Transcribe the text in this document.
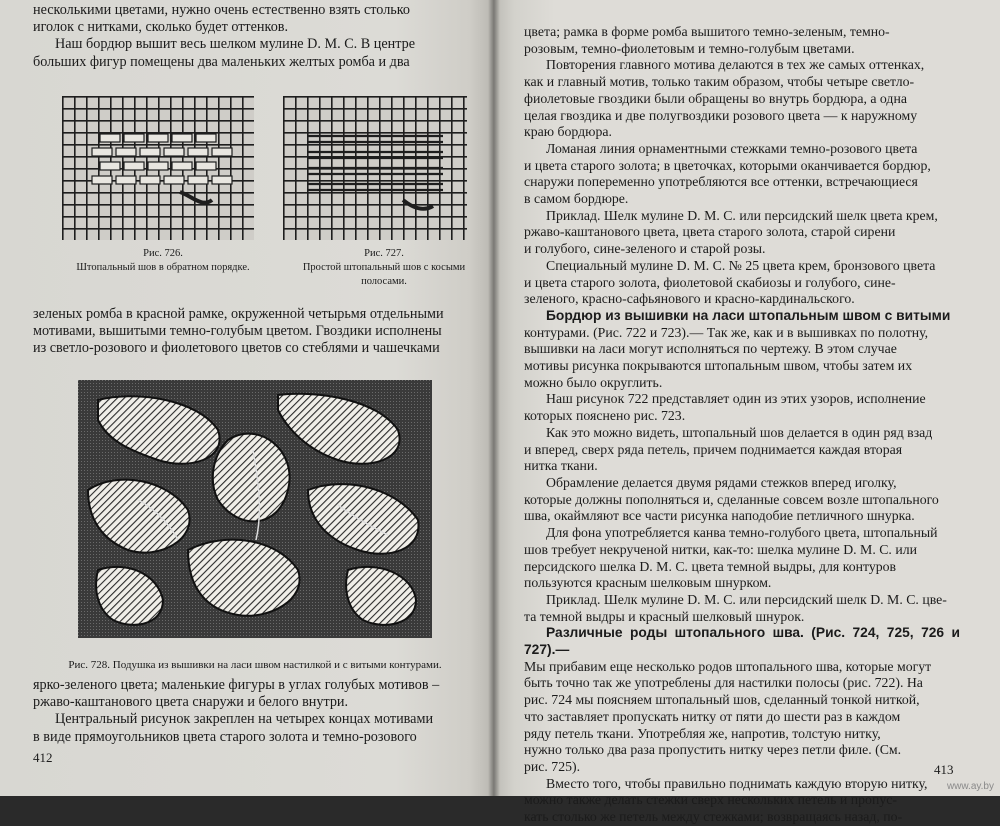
несколькими цветами, нужно очень естественно взять столько

иголок с нитками, сколько будет оттенков.

Наш бордюр вышит весь шелком мулине D. M. C. В центре

больших фигур помещены два маленьких желтых ромба и два

Рис. 726.
Штопальный шов в обратном порядке.
Рис. 727.
Простой штопальный шов с косыми полосами.

зеленых ромба в красной рамке, окруженной четырьмя отдельными

мотивами, вышитыми темно-голубым цветом. Гвоздики исполнены

из светло-розового и фиолетового цветов со стеблями и чашечками

Рис. 728. Подушка из вышивки на ласи швом настилкой и с витыми контурами.

ярко-зеленого цвета; маленькие фигуры в углах голубых мотивов –

ржаво-каштанового цвета снаружи и белого внутри.

Центральный рисунок закреплен на четырех концах мотивами

в виде прямоугольников цвета старого золота и темно-розового

412

цвета; рамка в форме ромба вышитого темно-зеленым, темно-

розовым, темно-фиолетовым и темно-голубым цветами.

Повторения главного мотива делаются в тех же самых оттенках,

как и главный мотив, только таким образом, чтобы четыре светло-

фиолетовые гвоздики были обращены во внутрь бордюра, а одна

целая гвоздика и две полугвоздики розового цвета — к наружному

краю бордюра.

Ломаная линия орнаментными стежками темно-розового цвета

и цвета старого золота; в цветочках, которыми оканчивается бордюр,

снаружи попеременно употребляются все оттенки, встречающиеся

в самом бордюре.

Приклад. Шелк мулине D. M. C. или персидский шелк цвета крем,

ржаво-каштанового цвета, цвета старого золота, старой сирени

и голубого, сине-зеленого и старой розы.

Специальный мулине D. M. C. № 25 цвета крем, бронзового цвета

и цвета старого золота, фиолетовой скабиозы и голубого, сине-

зеленого, красно-сафьянового и красно-кардинальского.

Бордюр из вышивки на ласи штопальным швом с витыми

контурами. (Рис. 722 и 723).— Так же, как и в вышивках по полотну,

вышивки на ласи могут исполняться по чертежу. В этом случае

мотивы рисунка покрываются штопальным швом, чтобы затем их

можно было округлить.

Наш рисунок 722 представляет один из этих узоров, исполнение

которых пояснено рис. 723.

Как это можно видеть, штопальный шов делается в один ряд взад

и вперед, сверх ряда петель, причем поднимается каждая вторая

нитка ткани.

Обрамление делается двумя рядами стежков вперед иголку,

которые должны пополняться и, сделанные совсем возле штопального

шва, окаймляют все части рисунка наподобие петличного шнурка.

Для фона употребляется канва темно-голубого цвета, штопальный

шов требует некрученой нитки, как-то: шелка мулине D. M. C. или

персидского шелка D. M. C. цвета темной выдры, для контуров

пользуются красным шелковым шнурком.

Приклад. Шелк мулине D. M. C. или персидский шелк D. M. C. цве-

та темной выдры и красный шелковый шнурок.

Различные роды штопального шва. (Рис. 724, 725, 726 и 727).—

Мы прибавим еще несколько родов штопального шва, которые могут

быть точно так же употреблены для настилки полосы (рис. 722). На

рис. 724 мы поясняем штопальный шов, сделанный тонкой ниткой,

что заставляет пропускать нитку от пяти до шести раз в каждом

ряду петель ткани. Употребляя же, напротив, толстую нитку,

нужно только два раза пропустить нитку через петли филе. (См.

рис. 725).

Вместо того, чтобы правильно поднимать каждую вторую нитку,

можно также делать стежки сверх нескольких петель и пропус-

кать столько же петель между стежками; возвращаясь назад, по-

413
www.ay.by
